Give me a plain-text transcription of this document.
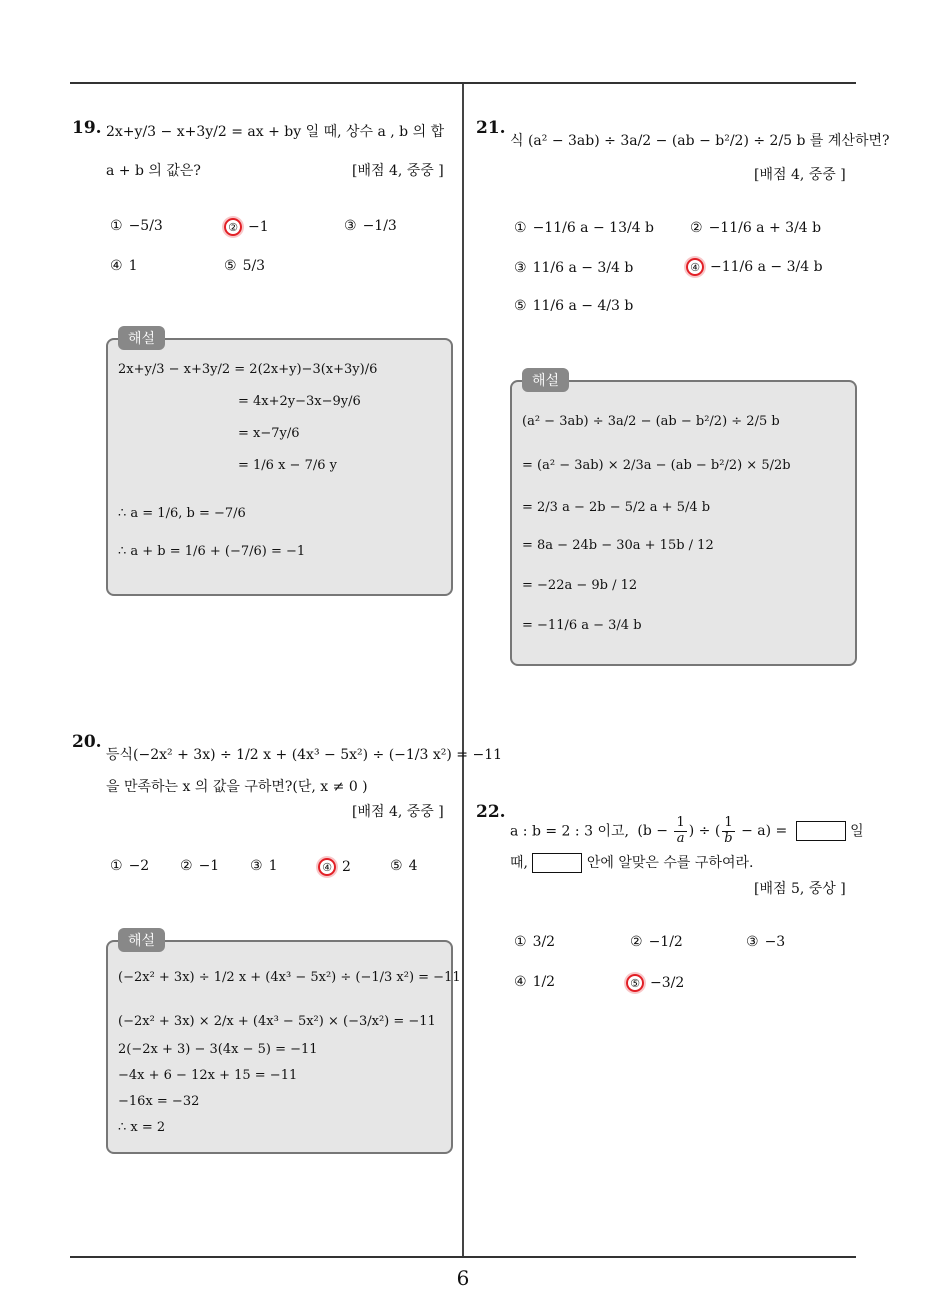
6
19. 2x+y/3 − x+3y/2 = ax + by 일 때, 상수 a , b 의 합
a + b 의 값은?	[배점 4, 중중 ]
① −5/3	② −1	③ −1/3
④ 1	⑤ 5/3
해설
2x+y/3 − x+3y/2 = 2(2x+y)−3(x+3y)/6
= 4x+2y−3x−9y/6
= x−7y/6
= 1/6 x − 7/6 y
∴ a = 1/6, b = −7/6
∴ a + b = 1/6 + (−7/6) = −1
20.
등식(−2x² + 3x) ÷ 1/2 x + (4x³ − 5x²) ÷ (−1/3 x²) = −11
을 만족하는 x 의 값을 구하면?(단, x ≠ 0 )
[배점 4, 중중 ]
① −2 ② −1 ③ 1	④ 2	⑤ 4
해설
(−2x² + 3x) ÷ 1/2 x + (4x³ − 5x²) ÷ (−1/3 x²) = −11
(−2x² + 3x) × 2/x + (4x³ − 5x²) × (−3/x²) = −11
2(−2x + 3) − 3(4x − 5) = −11
−4x + 6 − 12x + 15 = −11
−16x = −32
∴ x = 2
21.
식 (a² − 3ab) ÷ 3a/2 − (ab − b²/2) ÷ 2/5 b 를 계산하면?
[배점 4, 중중 ]
① −11/6 a − 13/4 b	② −11/6 a + 3/4 b
③ 11/6 a − 3/4 b	④ −11/6 a − 3/4 b
⑤ 11/6 a − 4/3 b
해설
(a² − 3ab) ÷ 3a/2 − (ab − b²/2) ÷ 2/5 b
= (a² − 3ab) × 2/3a − (ab − b²/2) × 5/2b
= 2/3 a − 2b − 5/2 a + 5/4 b
= 8a − 24b − 30a + 15b / 12
= −22a − 9b / 12
= −11/6 a − 3/4 b
22.
a : b = 2 : 3 이고, ($b - \frac{1}{a}$ ) ÷ ( $\frac{1}{b} - a$) =	일
때,	안에 알맞은 수를 구하여라.
[배점 5, 중상 ]
① 3/2	② −1/2	③ −3
④ 1/2	⑤ −3/2
